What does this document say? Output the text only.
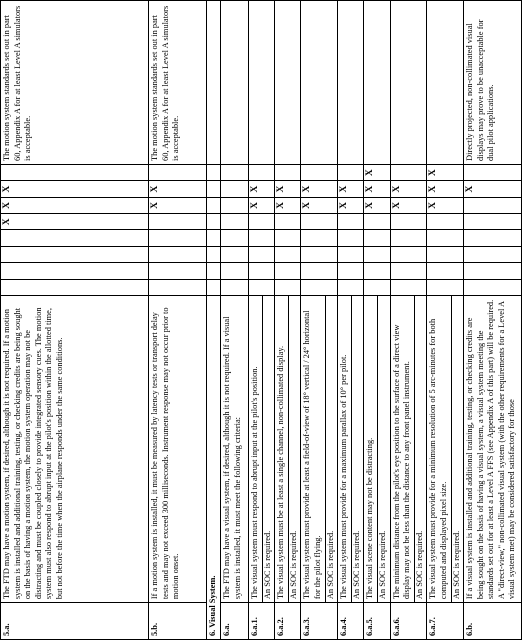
5.a.	The FTD may have a motion system, if desired, although it is not required. If a motion system is installed and additional training, testing, or checking credits are being sought on the basis of having a motion system, the motion system operation may not be distracting and must be coupled closely to provide integrated sensory cues. The motion system must also respond to abrupt input at the pilot's position within the allotted time, but not before the time when the airplane responds under the same conditions.					X	X	X		The motion system standards set out in part 60, Appendix A for at least Level A simulators is acceptable.
5.b.	If a motion system is installed, it must be measured by latency tests or transport delay tests and may not exceed 300 milliseconds. Instrument response may not occur prior to motion onset.						X	X		The motion system standards set out in part 60, Appendix A for at least Level A simulators is acceptable.
6. Visual System.										
6.a.	The FTD may have a visual system, if desired, although it is not required. If a visual system is installed, it must meet the following criteria:									

6.a.1.	The visual system must respond to abrupt input at the pilot's position. An SOC is required.						X	X		
6.a.2.	The visual system must be at least a single channel, non-collimated display. An SOC is required.						X	X		
6.a.3.	The visual system must provide at least a field-of-view of 18° vertical / 24° horizontal for the pilot flying. An SOC is required.						X	X		
6.a.4.	The visual system must provide for a maximum parallax of 10° per pilot. An SOC is required.						X	X		
6.a.5.	The visual scene content may not be distracting. An SOC is required.						X	X	X	
6.a.6.	The minimum distance from the pilot's eye position to the surface of a direct view display may not be less than the distance to any front panel instrument. An SOC is required.						X	X		
6.a.7.	The visual system must provide for a minimum resolution of 5 arc-minutes for both computed and displayed pixel size. An SOC is required.						X	X	X	
6.b.	If a visual system is installed and additional training, testing, or checking credits are being sought on the basis of having a visual system, a visual system meeting the standards set out for at least a Level A FFS (see Appendix A of this part) will be required. A "direct-view," non-collimated visual system (with the other requirements for a Level A visual system met) may be considered satisfactory for those							X		Directly projected, non-collimated visual displays may prove to be unacceptable for dual pilot applications.
